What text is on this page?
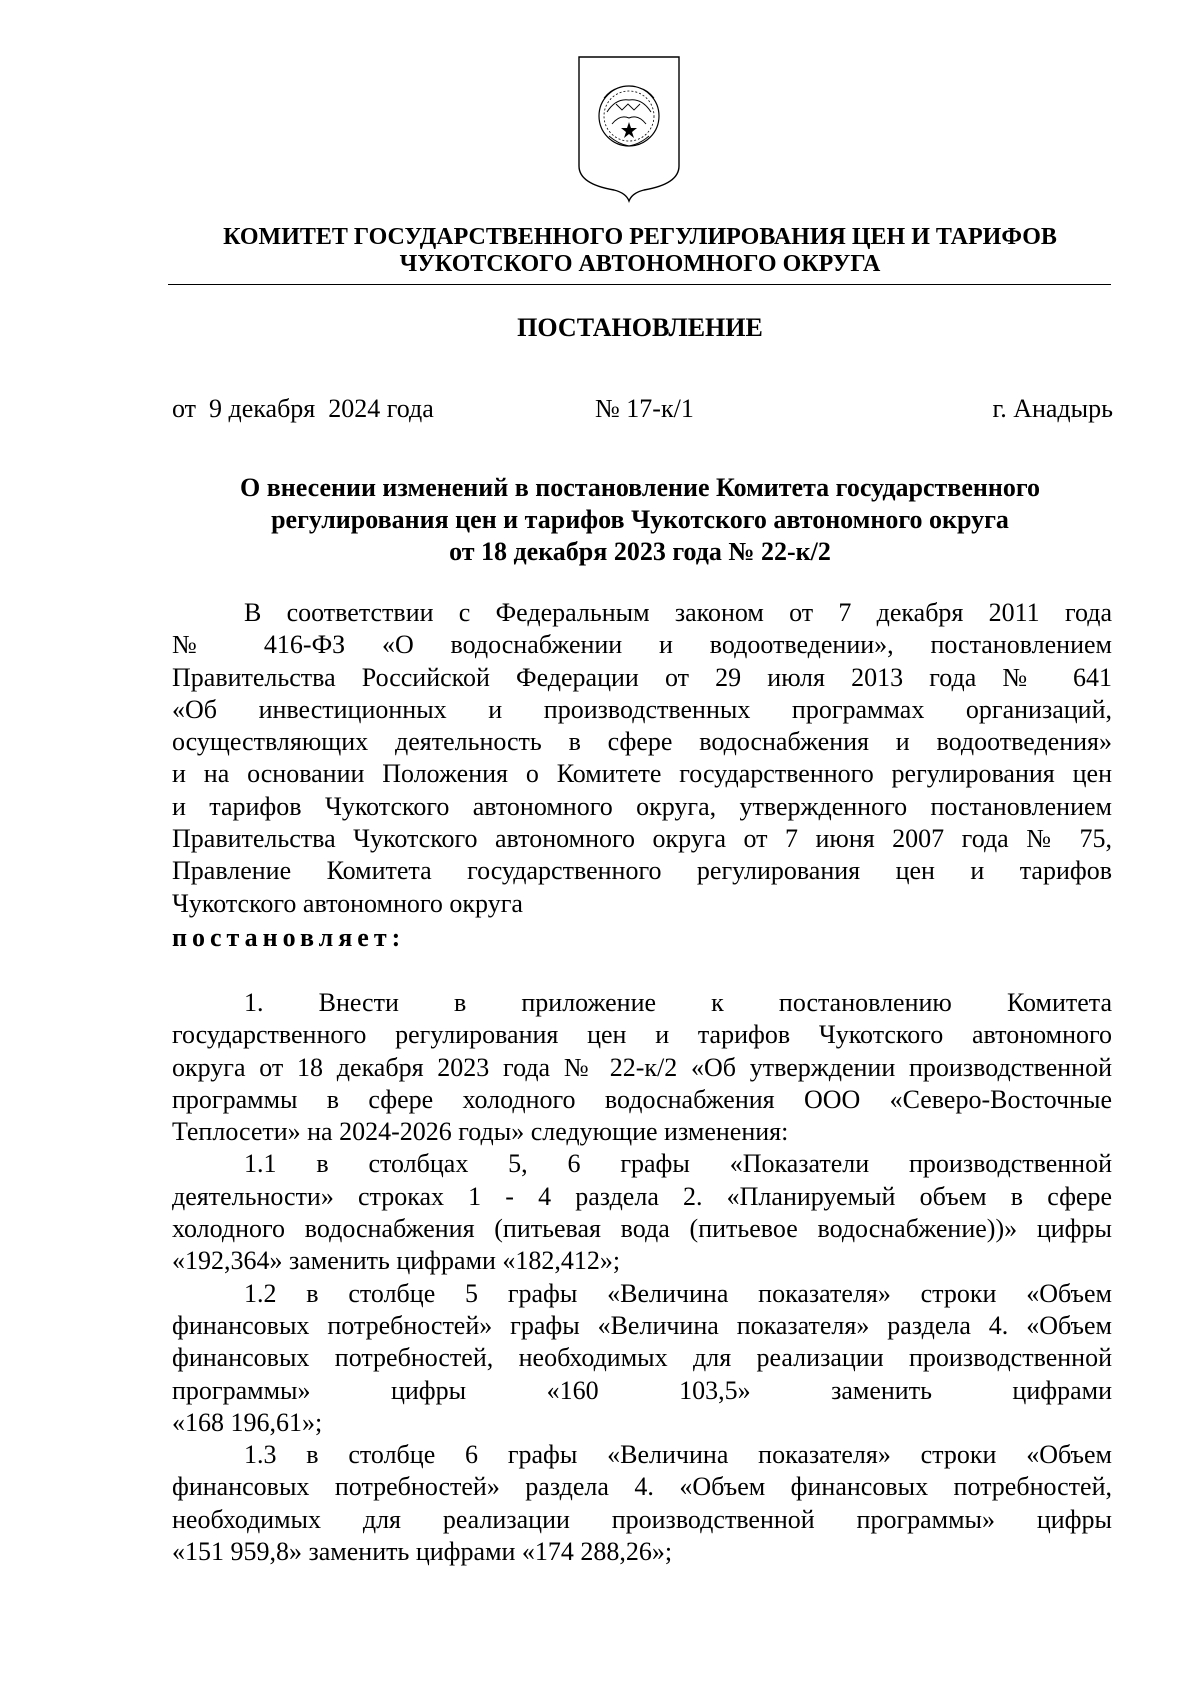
КОМИТЕТ ГОСУДАРСТВЕННОГО РЕГУЛИРОВАНИЯ ЦЕН И ТАРИФОВ
ЧУКОТСКОГО АВТОНОМНОГО ОКРУГА
ПОСТАНОВЛЕНИЕ
от  9 декабря  2024 года	№ 17-к/1	г. Анадырь
О внесении изменений в постановление Комитета государственного
регулирования цен и тарифов Чукотского автономного округа
от 18 декабря 2023 года № 22-к/2
В соответствии с Федеральным законом от 7 декабря 2011 года
№ 416-ФЗ «О водоснабжении и водоотведении», постановлением
Правительства Российской Федерации от 29 июля 2013 года № 641
«Об инвестиционных и производственных программах организаций,
осуществляющих деятельность в сфере водоснабжения и водоотведения»
и на основании Положения о Комитете государственного регулирования цен
и тарифов Чукотского автономного округа, утвержденного постановлением
Правительства Чукотского автономного округа от 7 июня 2007 года № 75,
Правление Комитета государственного регулирования цен и тарифов
Чукотского автономного округа
постановляет:
1. Внести в приложение к постановлению Комитета
государственного регулирования цен и тарифов Чукотского автономного
округа от 18 декабря 2023 года № 22-к/2 «Об утверждении производственной
программы в сфере холодного водоснабжения ООО «Северо-Восточные
Теплосети» на 2024-2026 годы» следующие изменения:
1.1 в столбцах 5, 6 графы «Показатели производственной
деятельности» строках 1 - 4 раздела 2. «Планируемый объем в сфере
холодного водоснабжения (питьевая вода (питьевое водоснабжение))» цифры
«192,364» заменить цифрами «182,412»;
1.2 в столбце 5 графы «Величина показателя» строки «Объем
финансовых потребностей» графы «Величина показателя» раздела 4. «Объем
финансовых потребностей, необходимых для реализации производственной
программы» цифры «160 103,5» заменить цифрами
«168 196,61»;
1.3 в столбце 6 графы «Величина показателя» строки «Объем
финансовых потребностей» раздела 4. «Объем финансовых потребностей,
необходимых для реализации производственной программы» цифры
«151 959,8» заменить цифрами «174 288,26»;
